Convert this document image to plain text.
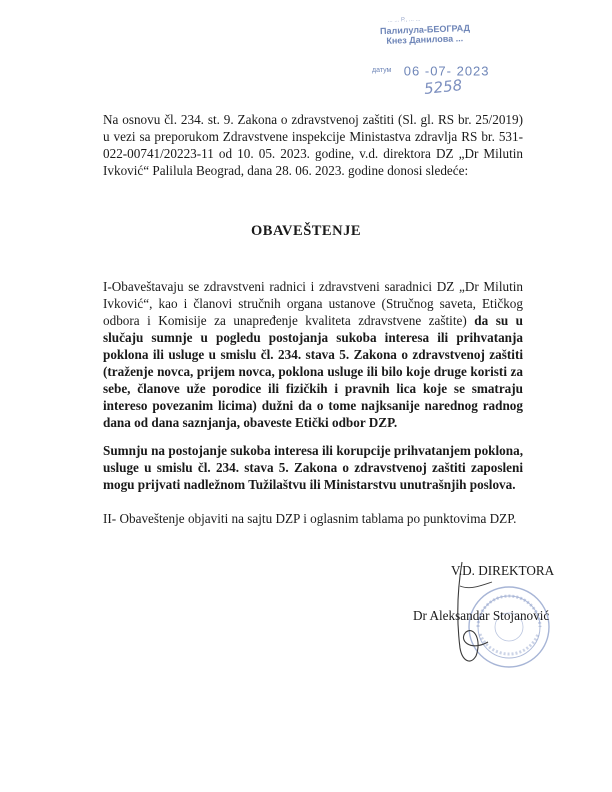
... ... Р., ... ...
Палилула-БЕОГРАД
Кнез Данилова ...
датум 06 -07- 2023
5258

Na osnovu čl. 234. st. 9. Zakona o zdravstvenoj zaštiti (Sl. gl. RS br. 25/2019) u vezi sa preporukom Zdravstvene inspekcije Ministastva zdravlja RS br. 531-022-00741/20223-11 od 10. 05. 2023. godine, v.d. direktora DZ „Dr Milutin Ivković“ Palilula Beograd, dana 28. 06. 2023. godine donosi sledeće:

OBAVEŠTENJE

I-Obaveštavaju se zdravstveni radnici i zdravstveni saradnici DZ „Dr Milutin Ivković“, kao i članovi stručnih organa ustanove (Stručnog saveta, Etičkog odbora i Komisije za unapređenje kvaliteta zdravstvene zaštite) da su u slučaju sumnje u pogledu postojanja sukoba interesa ili prihvatanja poklona ili usluge u smislu čl. 234. stava 5. Zakona o zdravstvenoj zaštiti (traženje novca, prijem novca, poklona usluge ili bilo koje druge koristi za sebe, članove uže porodice ili fizičkih i pravnih lica koje se smatraju intereso povezanim licima) dužni da o tome najksanije narednog radnog dana od dana saznjanja, obaveste Etički odbor DZP.

Sumnju na postojanje sukoba interesa ili korupcije prihvatanjem poklona, usluge u smislu čl. 234. stava 5. Zakona o zdravstvenoj zaštiti zaposleni mogu prijvati nadležnom Tužilaštvu ili Ministarstvu unutrašnjih poslova.

II- Obaveštenje objaviti na sajtu DZP i oglasnim tablama po punktovima DZP.

V.D. DIREKTORA

Dr Aleksandar Stojanović
